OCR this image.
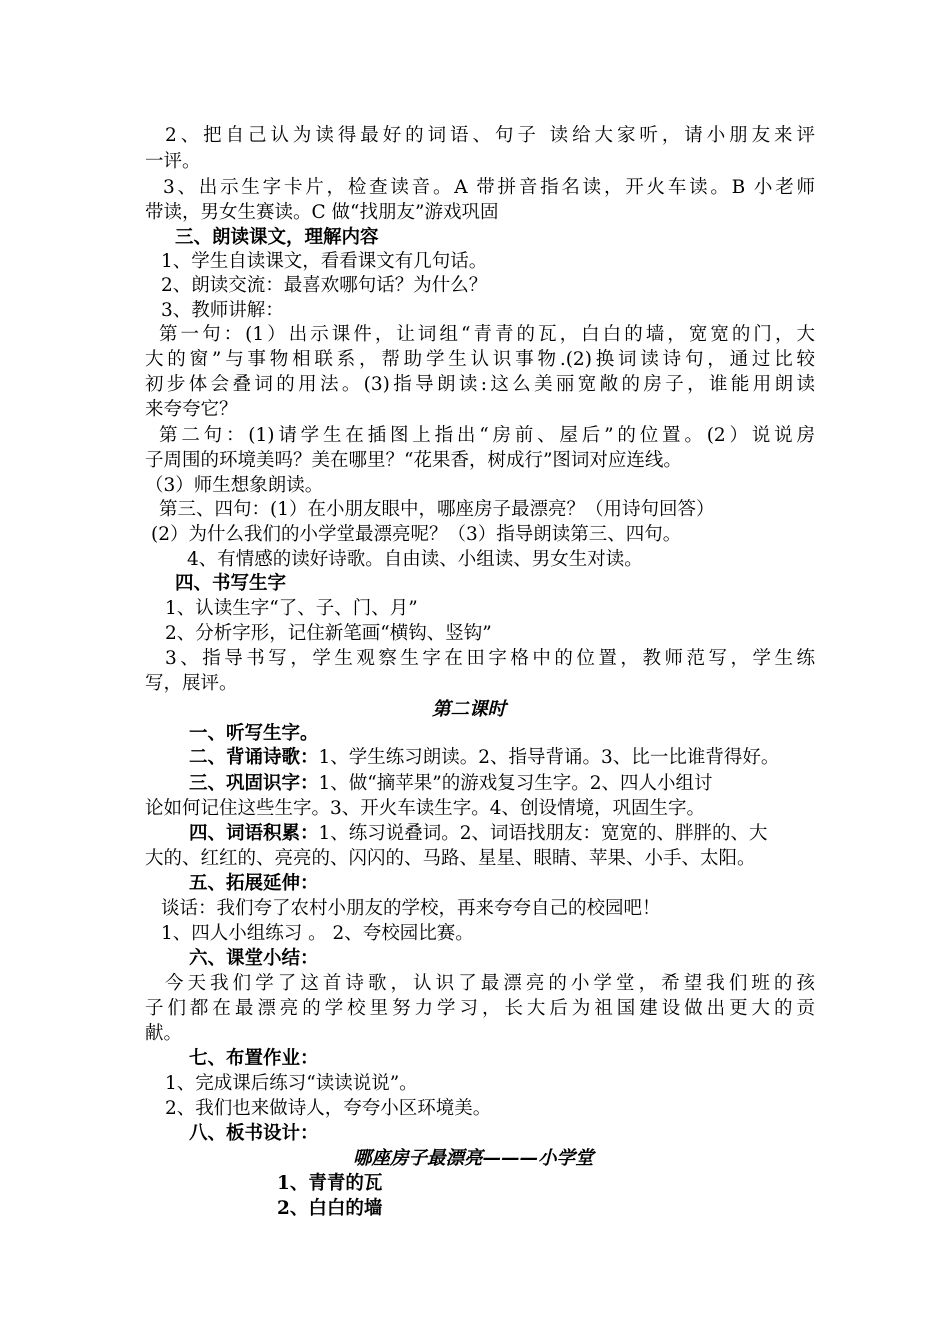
2、把自己认为读得最好的词语、句子 读给大家听，请小朋友来评
一评。
3、出示生字卡片，检查读音。A 带拼音指名读，开火车读。B 小老师
带读，男女生赛读。C 做“找朋友”游戏巩固
三、朗读课文，理解内容
1、学生自读课文，看看课文有几句话。
2、朗读交流：最喜欢哪句话？为什么？
3、教师讲解：
第一句：(1）出示课件，让词组“青青的瓦，白白的墙，宽宽的门，大
大的窗”与事物相联系，帮助学生认识事物.(2)换词读诗句，通过比较
初步体会叠词的用法。(3)指导朗读:这么美丽宽敞的房子，谁能用朗读
来夸夸它？
第二句：(1)请学生在插图上指出“房前、屋后”的位置。(2）说说房
子周围的环境美吗？美在哪里？“花果香，树成行”图词对应连线。
（3）师生想象朗读。
第三、四句：(1）在小朋友眼中，哪座房子最漂亮？（用诗句回答）
(2）为什么我们的小学堂最漂亮呢？（3）指导朗读第三、四句。
4、有情感的读好诗歌。自由读、小组读、男女生对读。
四、书写生字
1、认读生字“了、子、门、月”
2、分析字形，记住新笔画“横钩、竖钩”
3、指导书写，学生观察生字在田字格中的位置，教师范写，学生练
写，展评。
第二课时
一、听写生字。
二、背诵诗歌：1、学生练习朗读。2、指导背诵。3、比一比谁背得好。
三、巩固识字：1、做“摘苹果”的游戏复习生字。2、四人小组讨
论如何记住这些生字。3、开火车读生字。4、创设情境，巩固生字。
四、词语积累：1、练习说叠词。2、词语找朋友：宽宽的、胖胖的、大
大的、红红的、亮亮的、闪闪的、马路、星星、眼睛、苹果、小手、太阳。
五、拓展延伸：
谈话：我们夸了农村小朋友的学校，再来夸夸自己的校园吧！
1、四人小组练习 。 2、夸校园比赛。
六、课堂小结：
今天我们学了这首诗歌，认识了最漂亮的小学堂，希望我们班的孩
子们都在最漂亮的学校里努力学习，长大后为祖国建设做出更大的贡
献。
七、布置作业：
1、完成课后练习“读读说说”。
2、我们也来做诗人，夸夸小区环境美。
八、板书设计：
哪座房子最漂亮———小学堂
1、青青的瓦
2、白白的墙
